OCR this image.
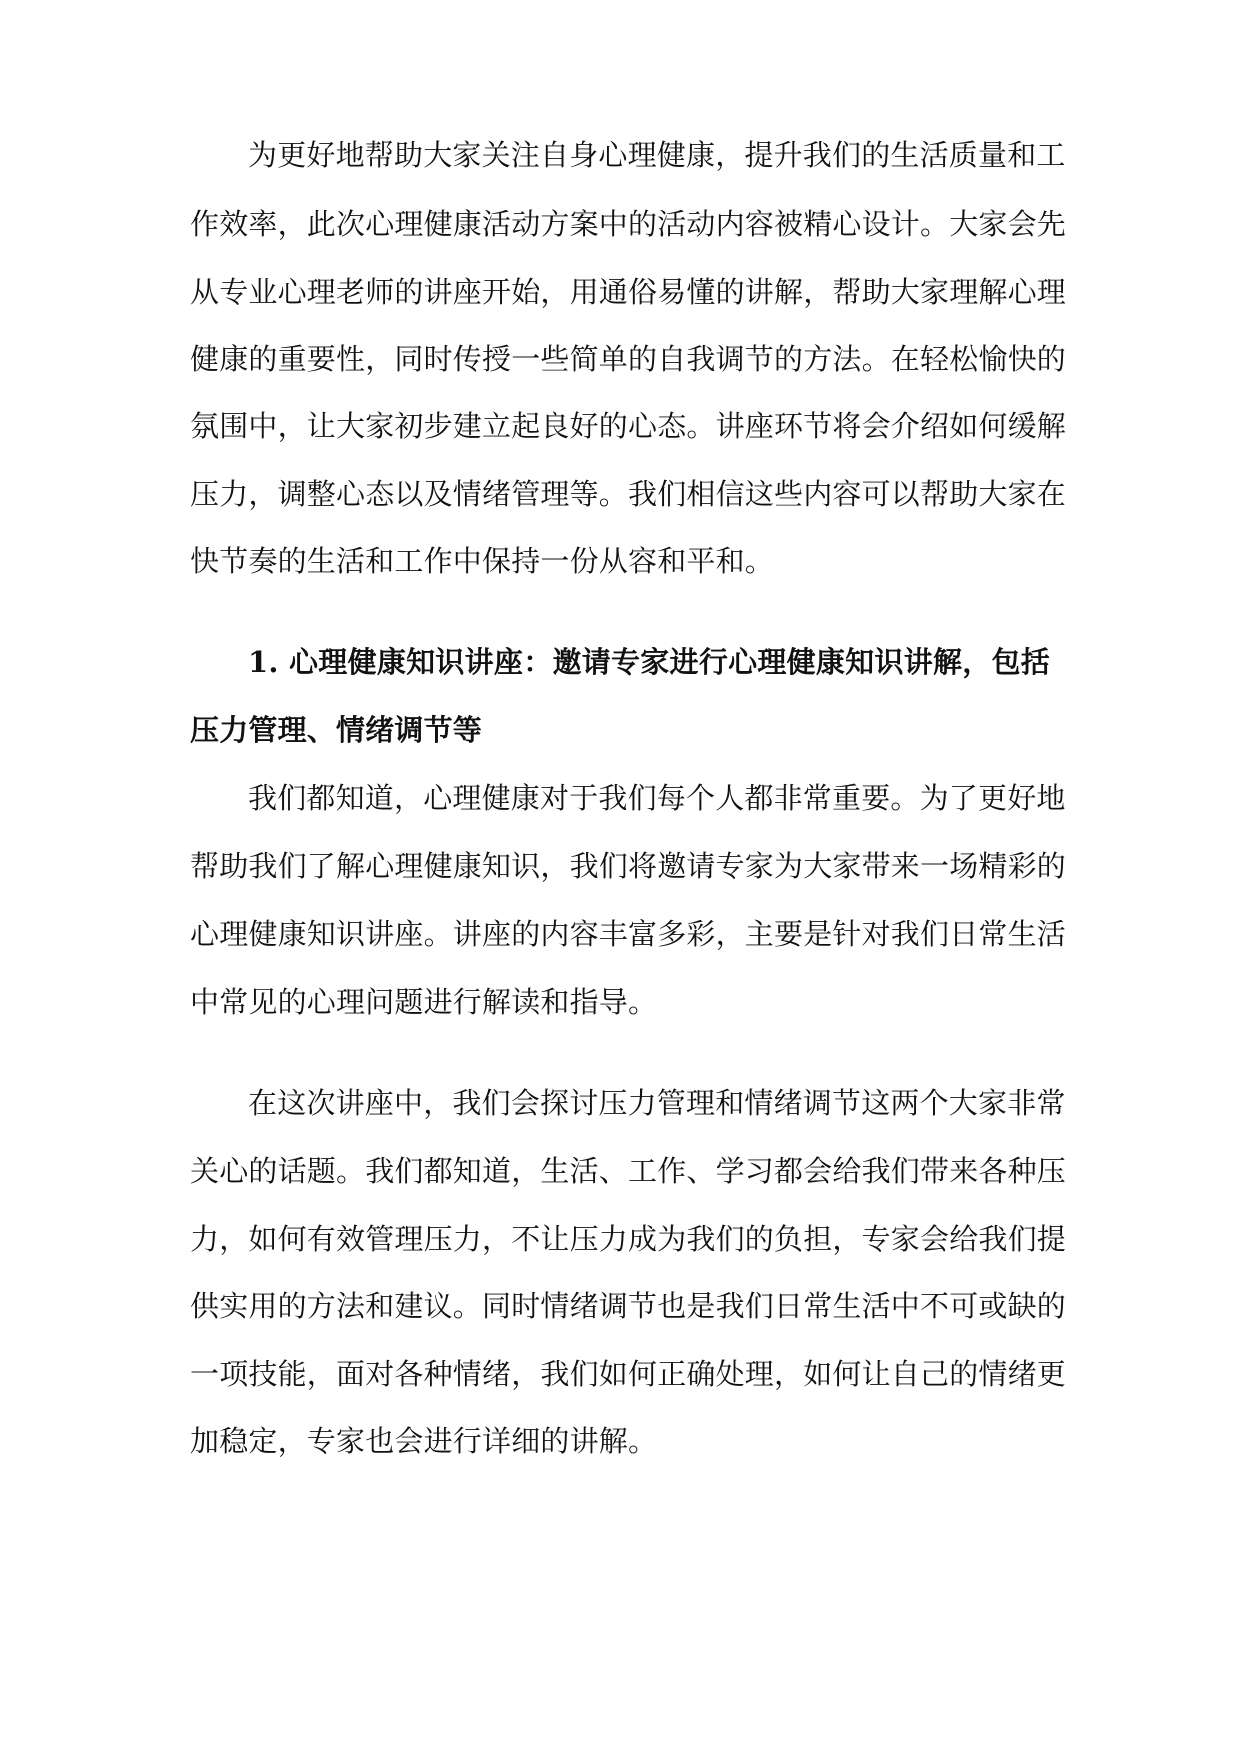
为更好地帮助大家关注自身心理健康，提升我们的生活质量和工
作效率，此次心理健康活动方案中的活动内容被精心设计。大家会先
从专业心理老师的讲座开始，用通俗易懂的讲解，帮助大家理解心理
健康的重要性，同时传授一些简单的自我调节的方法。在轻松愉快的
氛围中，让大家初步建立起良好的心态。讲座环节将会介绍如何缓解
压力，调整心态以及情绪管理等。我们相信这些内容可以帮助大家在
快节奏的生活和工作中保持一份从容和平和。
1. 心理健康知识讲座：邀请专家进行心理健康知识讲解，包括
压力管理、情绪调节等
我们都知道，心理健康对于我们每个人都非常重要。为了更好地
帮助我们了解心理健康知识，我们将邀请专家为大家带来一场精彩的
心理健康知识讲座。讲座的内容丰富多彩，主要是针对我们日常生活
中常见的心理问题进行解读和指导。
在这次讲座中，我们会探讨压力管理和情绪调节这两个大家非常
关心的话题。我们都知道，生活、工作、学习都会给我们带来各种压
力，如何有效管理压力，不让压力成为我们的负担，专家会给我们提
供实用的方法和建议。同时情绪调节也是我们日常生活中不可或缺的
一项技能，面对各种情绪，我们如何正确处理，如何让自己的情绪更
加稳定，专家也会进行详细的讲解。
